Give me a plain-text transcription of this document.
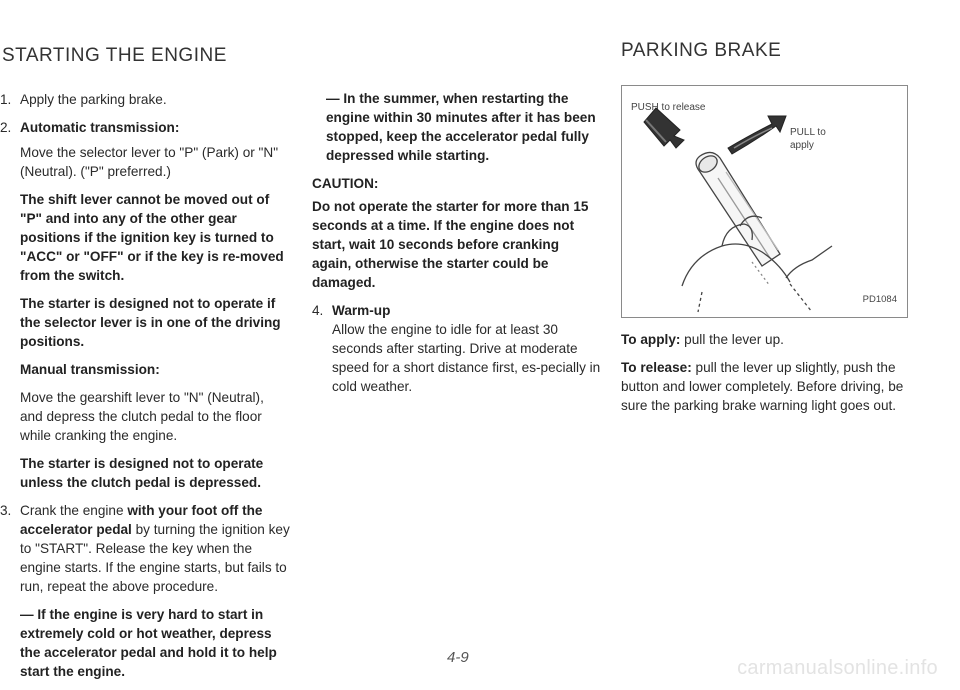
STARTING THE ENGINE	PARKING BRAKE

1. Apply the parking brake.

2. Automatic transmission:

Move the selector lever to "P" (Park) or "N" (Neutral). ("P" preferred.)

The shift lever cannot be moved out of "P" and into any of the other gear positions if the ignition key is turned to "ACC" or "OFF" or if the key is re-moved from the switch.

The starter is designed not to operate if the selector lever is in one of the driving positions.

Manual transmission:

Move the gearshift lever to "N" (Neutral), and depress the clutch pedal to the floor while cranking the engine.

The starter is designed not to operate unless the clutch pedal is depressed.

3. Crank the engine with your foot off the accelerator pedal by turning the ignition key to "START". Release the key when the engine starts. If the engine starts, but fails to run, repeat the above procedure.

— If the engine is very hard to start in extremely cold or hot weather, depress the accelerator pedal and hold it to help start the engine.

— In the summer, when restarting the engine within 30 minutes after it has been stopped, keep the accelerator pedal fully depressed while starting.

CAUTION:

Do not operate the starter for more than 15 seconds at a time. If the engine does not start, wait 10 seconds before cranking again, otherwise the starter could be damaged.

4. Warm-up

Allow the engine to idle for at least 30 seconds after starting. Drive at moderate speed for a short distance first, es-pecially in cold weather.

PUSH to release
PULL to apply
PD1084

To apply: pull the lever up.

To release: pull the lever up slightly, push the button and lower completely. Before driving, be sure the parking brake warning light goes out.

4-9	carmanualsonline.info
